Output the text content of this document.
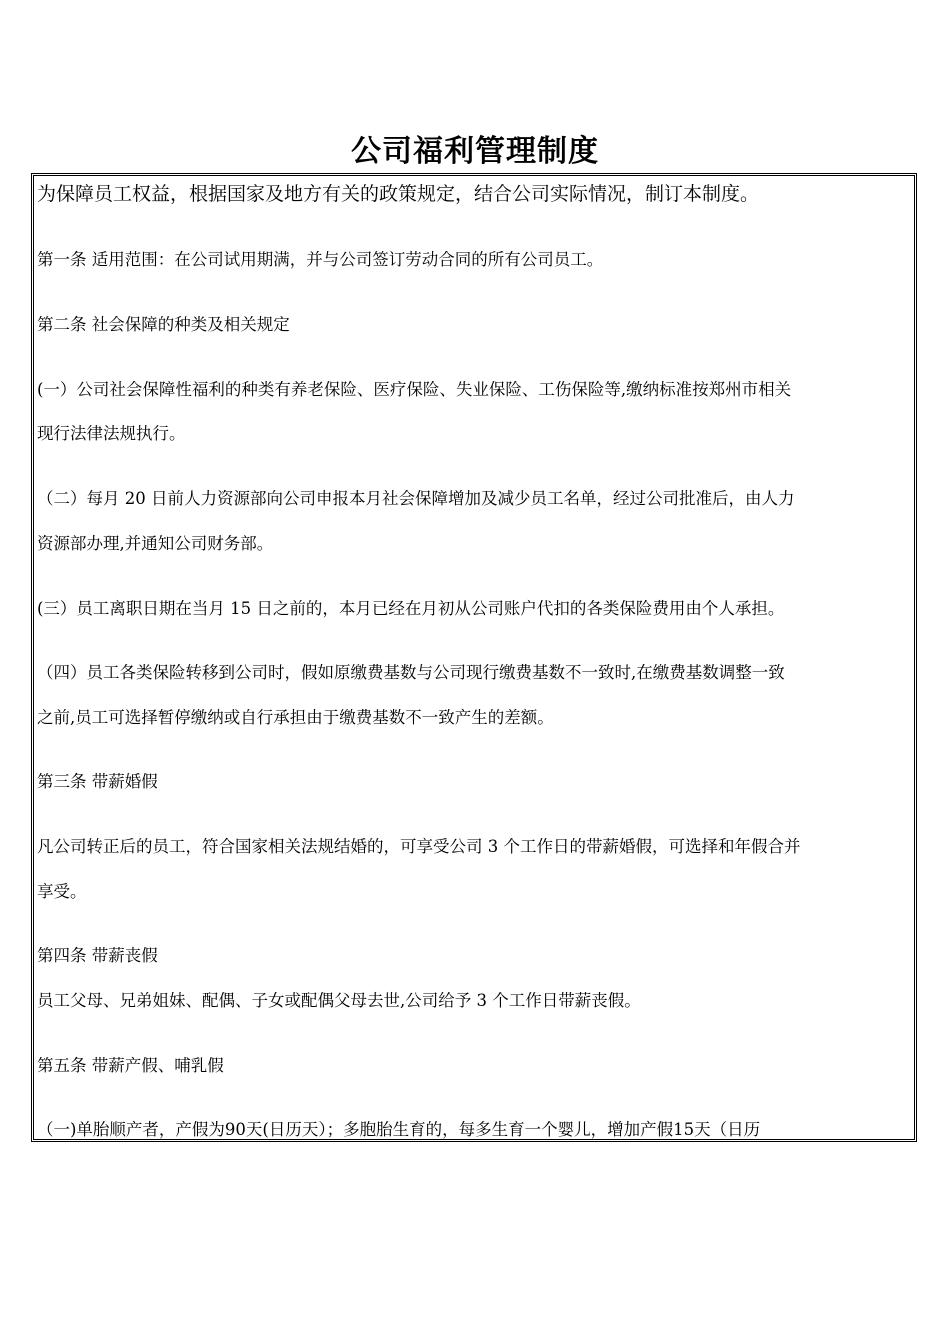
公司福利管理制度
为保障员工权益，根据国家及地方有关的政策规定，结合公司实际情况，制订本制度。
第一条 适用范围：在公司试用期满，并与公司签订劳动合同的所有公司员工。
第二条 社会保障的种类及相关规定
(一）公司社会保障性福利的种类有养老保险、医疗保险、失业保险、工伤保险等,缴纳标准按郑州市相关
现行法律法规执行。
（二）每月 20 日前人力资源部向公司申报本月社会保障增加及减少员工名单，经过公司批准后，由人力
资源部办理,并通知公司财务部。
(三）员工离职日期在当月 15 日之前的，本月已经在月初从公司账户代扣的各类保险费用由个人承担。
（四）员工各类保险转移到公司时，假如原缴费基数与公司现行缴费基数不一致时,在缴费基数调整一致
之前,员工可选择暂停缴纳或自行承担由于缴费基数不一致产生的差额。
第三条 带薪婚假
凡公司转正后的员工，符合国家相关法规结婚的，可享受公司 3 个工作日的带薪婚假，可选择和年假合并
享受。
第四条 带薪丧假
员工父母、兄弟姐妹、配偶、子女或配偶父母去世,公司给予 3 个工作日带薪丧假。
第五条 带薪产假、哺乳假
（一)单胎顺产者，产假为90天(日历天）；多胞胎生育的，每多生育一个婴儿，增加产假15天（日历
